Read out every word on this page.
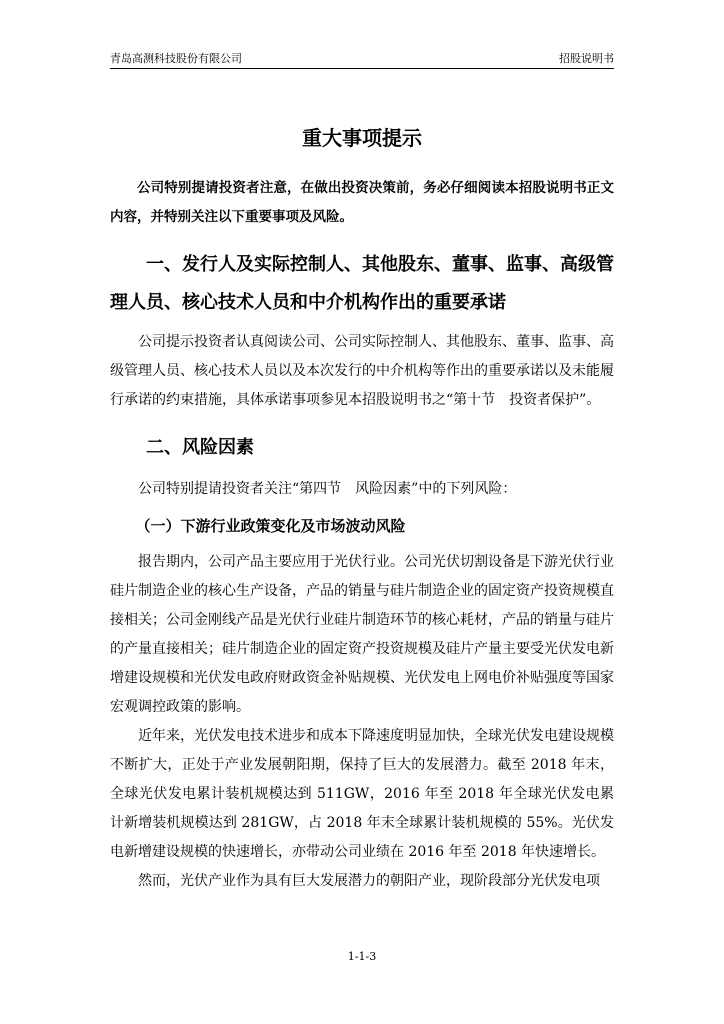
青岛高测科技股份有限公司	招股说明书
重大事项提示

公司特别提请投资者注意，在做出投资决策前，务必仔细阅读本招股说明书正文内容，并特别关注以下重要事项及风险。

一、发行人及实际控制人、其他股东、董事、监事、高级管理人员、核心技术人员和中介机构作出的重要承诺

公司提示投资者认真阅读公司、公司实际控制人、其他股东、董事、监事、高级管理人员、核心技术人员以及本次发行的中介机构等作出的重要承诺以及未能履行承诺的约束措施，具体承诺事项参见本招股说明书之“第十节　投资者保护”。

二、风险因素

公司特别提请投资者关注“第四节　风险因素”中的下列风险：

（一）下游行业政策变化及市场波动风险

报告期内，公司产品主要应用于光伏行业。公司光伏切割设备是下游光伏行业硅片制造企业的核心生产设备，产品的销量与硅片制造企业的固定资产投资规模直接相关；公司金刚线产品是光伏行业硅片制造环节的核心耗材，产品的销量与硅片的产量直接相关；硅片制造企业的固定资产投资规模及硅片产量主要受光伏发电新增建设规模和光伏发电政府财政资金补贴规模、光伏发电上网电价补贴强度等国家宏观调控政策的影响。

近年来，光伏发电技术进步和成本下降速度明显加快，全球光伏发电建设规模不断扩大，正处于产业发展朝阳期，保持了巨大的发展潜力。截至 2018 年末，全球光伏发电累计装机规模达到 511GW，2016 年至 2018 年全球光伏发电累计新增装机规模达到 281GW，占 2018 年末全球累计装机规模的 55%。光伏发电新增建设规模的快速增长，亦带动公司业绩在 2016 年至 2018 年快速增长。

然而，光伏产业作为具有巨大发展潜力的朝阳产业，现阶段部分光伏发电项

1-1-3
